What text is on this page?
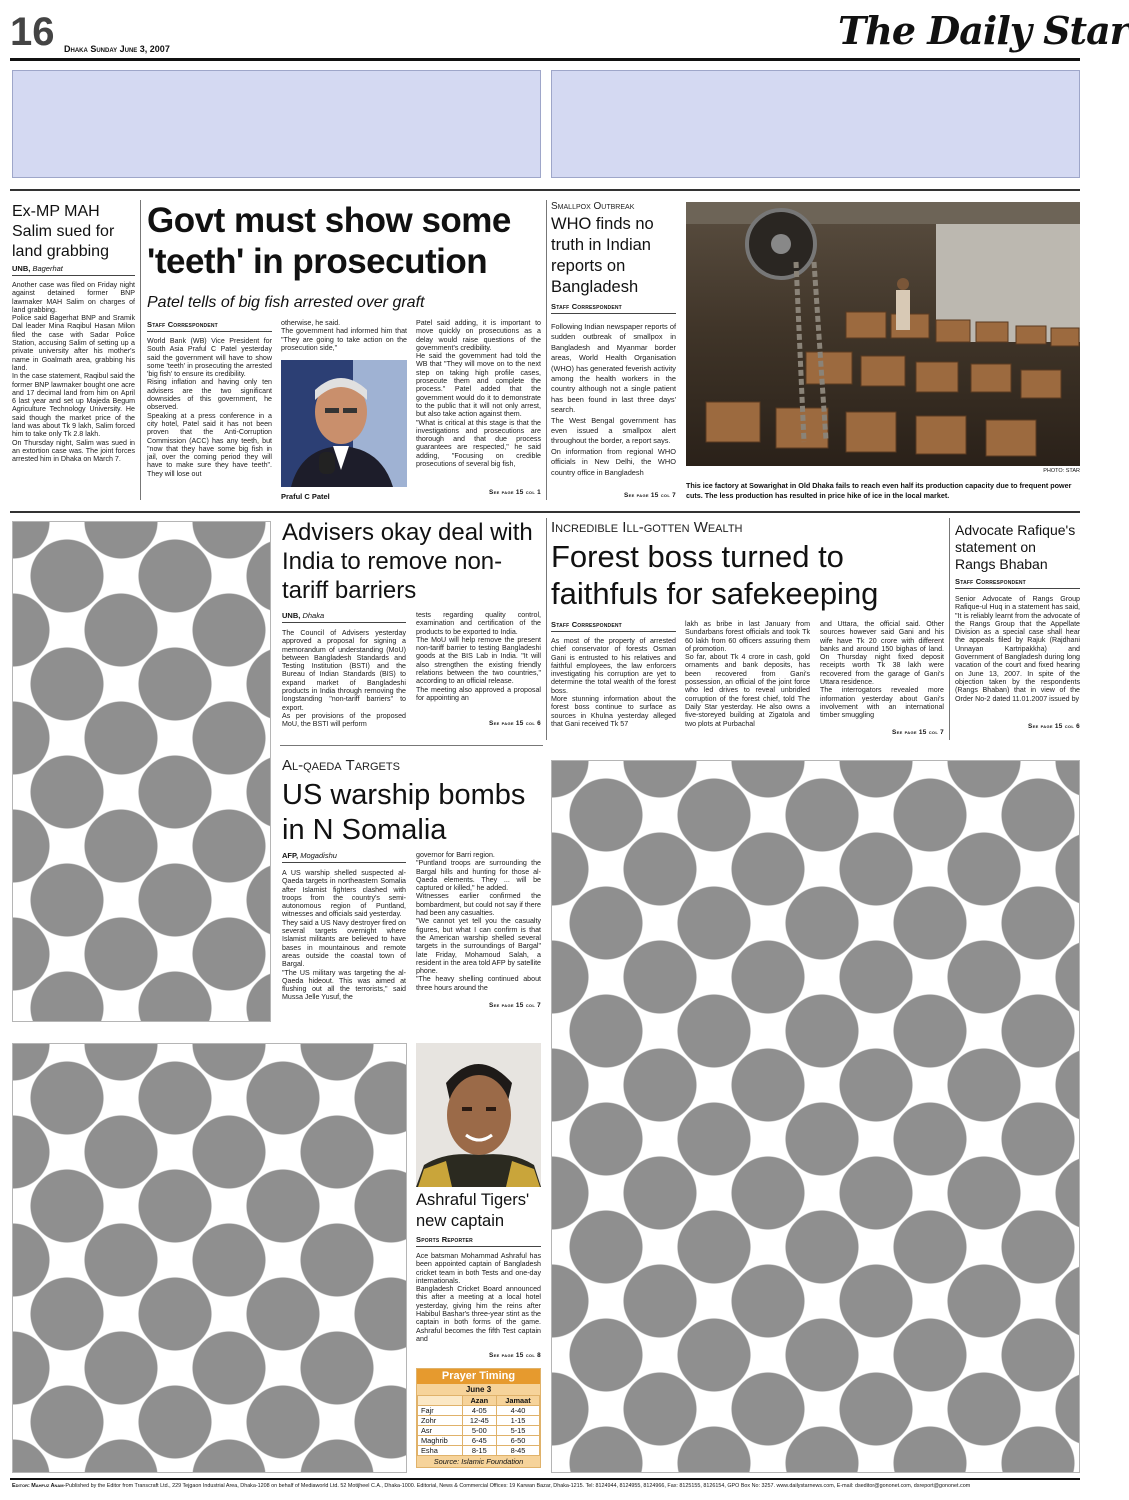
16 Dhaka Sunday June 3, 2007	The Daily Star
Ex-MP MAH Salim sued for land grabbing
UNB, Bagerhat
Another case was filed on Friday night against detained former BNP lawmaker MAH Salim on charges of land grabbing.
Police said Bagerhat BNP and Sramik Dal leader Mina Raqibul Hasan Milon filed the case with Sadar Police Station, accusing Salim of setting up a private university after his mother's name in Goalmath area, grabbing his land.
In the case statement, Raqibul said the former BNP lawmaker bought one acre and 17 decimal land from him on April 6 last year and set up Majeda Begum Agriculture Technology University. He said though the market price of the land was about Tk 9 lakh, Salim forced him to take only Tk 2.8 lakh.
On Thursday night, Salim was sued in an extortion case was. The joint forces arrested him in Dhaka on March 7.
Govt must show some 'teeth' in prosecution
Patel tells of big fish arrested over graft
Staff Correspondent
World Bank (WB) Vice President for South Asia Praful C Patel yesterday said the government will have to show some 'teeth' in prosecuting the arrested 'big fish' to ensure its credibility.
Rising inflation and having only ten advisers are the two significant downsides of this government, he observed.
Speaking at a press conference in a city hotel, Patel said it has not been proven that the Anti-Corruption Commission (ACC) has any teeth, but "now that they have some big fish in jail, over the coming period they will have to make sure they have teeth". They will lose out
otherwise, he said.
The government had informed him that "They are going to take action on the prosecution side,"
Praful C Patel
Patel said adding, it is important to move quickly on prosecutions as a delay would raise questions of the government's credibility.
He said the government had told the WB that "They will move on to the next step on taking high profile cases, prosecute them and complete the process." Patel added that the government would do it to demonstrate to the public that it will not only arrest, but also take action against them.
"What is critical at this stage is that the investigations and prosecutions are thorough and that due process guarantees are respected," he said adding, "Focusing on credible prosecutions of several big fish,
See page 15 col 1
Smallpox Outbreak
WHO finds no truth in Indian reports on Bangladesh
Staff Correspondent
Following Indian newspaper reports of sudden outbreak of smallpox in Bangladesh and Myanmar border areas, World Health Organisation (WHO) has generated feverish activity among the health workers in the country although not a single patient has been found in last three days' search.
The West Bengal government has even issued a smallpox alert throughout the border, a report says.
On information from regional WHO officials in New Delhi, the WHO country office in Bangladesh
See page 15 col 7
PHOTO: STAR
This ice factory at Sowarighat in Old Dhaka fails to reach even half its production capacity due to frequent power cuts. The less production has resulted in price hike of ice in the local market.
Advisers okay deal with India to remove non-tariff barriers
UNB, Dhaka
The Council of Advisers yesterday approved a proposal for signing a memorandum of understanding (MoU) between Bangladesh Standards and Testing Institution (BSTI) and the Bureau of Indian Standards (BIS) to expand market of Bangladeshi products in India through removing the longstanding "non-tariff barriers" to export.
As per provisions of the proposed MoU, the BSTI will perform
tests regarding quality control, examination and certification of the products to be exported to India.
The MoU will help remove the present non-tariff barrier to testing Bangladeshi goods at the BIS Lab in India. "It will also strengthen the existing friendly relations between the two countries," according to an official release.
The meeting also approved a proposal for appointing an
See page 15 col 6
Incredible Ill-gotten Wealth
Forest boss turned to faithfuls for safekeeping
Staff Correspondent
As most of the property of arrested chief conservator of forests Osman Gani is entrusted to his relatives and faithful employees, the law enforcers investigating his corruption are yet to determine the total wealth of the forest boss.
More stunning information about the forest boss continue to surface as sources in Khulna yesterday alleged that Gani received Tk 57
lakh as bribe in last January from Sundarbans forest officials and took Tk 60 lakh from 60 officers assuring them of promotion.
So far, about Tk 4 crore in cash, gold ornaments and bank deposits, has been recovered from Gani's possession, an official of the joint force who led drives to reveal unbridled corruption of the forest chief, told The Daily Star yesterday. He also owns a five-storeyed building at Zigatola and two plots at Purbachal
and Uttara, the official said. Other sources however said Gani and his wife have Tk 20 crore with different banks and around 150 bighas of land. On Thursday night fixed deposit receipts worth Tk 38 lakh were recovered from the garage of Gani's Uttara residence.
The interrogators revealed more information yesterday about Gani's involvement with an international timber smuggling
See page 15 col 7
Advocate Rafique's statement on Rangs Bhaban
Staff Correspondent
Senior Advocate of Rangs Group Rafique-ul Huq in a statement has said, "It is reliably learnt from the advocate of the Rangs Group that the Appellate Division as a special case shall hear the appeals filed by Rajuk (Rajdhani Unnayan Kartripakkha) and Government of Bangladesh during long vacation of the court and fixed hearing on June 13, 2007. In spite of the objection taken by the respondents (Rangs Bhaban) that in view of the Order No-2 dated 11.01.2007 issued by
See page 15 col 6
Al-qaeda Targets
US warship bombs in N Somalia
AFP, Mogadishu
A US warship shelled suspected al-Qaeda targets in northeastern Somalia after Islamist fighters clashed with troops from the country's semi-autonomous region of Puntland, witnesses and officials said yesterday.
They said a US Navy destroyer fired on several targets overnight where Islamist militants are believed to have bases in mountainous and remote areas outside the coastal town of Bargal.
"The US military was targeting the al-Qaeda hideout. This was aimed at flushing out all the terrorists," said Mussa Jelle Yusuf, the
governor for Barri region.
"Puntland troops are surrounding the Bargal hills and hunting for those al-Qaeda elements. They ... will be captured or killed," he added.
Witnesses earlier confirmed the bombardment, but could not say if there had been any casualties.
"We cannot yet tell you the casualty figures, but what I can confirm is that the American warship shelled several targets in the surroundings of Bargal" late Friday, Mohamoud Salah, a resident in the area told AFP by satellite phone.
"The heavy shelling continued about three hours around the
See page 15 col 7
Ashraful Tigers' new captain
Sports Reporter
Ace batsman Mohammad Ashraful has been appointed captain of Bangladesh cricket team in both Tests and one-day internationals.
Bangladesh Cricket Board announced this after a meeting at a local hotel yesterday, giving him the reins after Habibul Bashar's three-year stint as the captain in both forms of the game. Ashraful becomes the fifth Test captain and
See page 15 col 8
Prayer Timing
June 3
	Azan	Jamaat
Fajr	4-05	4-40
Zohr	12-45	1-15
Asr	5-00	5-15
Maghrib	6-45	6-50
Esha	8-15	8-45
Source: Islamic Foundation
Editor: Mahfuz Anam-Published by the Editor from Transcraft Ltd., 229 Tejgaon Industrial Area, Dhaka-1208 on behalf of Mediaworld Ltd. 52 Motijheel C.A., Dhaka-1000. Editorial, News & Commercial Offices: 19 Karwan Bazar, Dhaka-1215. Tel: 8124944, 8124955, 8124966, Fax: 8125155, 8126154, GPO Box No: 3257. www.dailystarnews.com, E-mail: dseditor@gononet.com, dsreport@gononet.com
